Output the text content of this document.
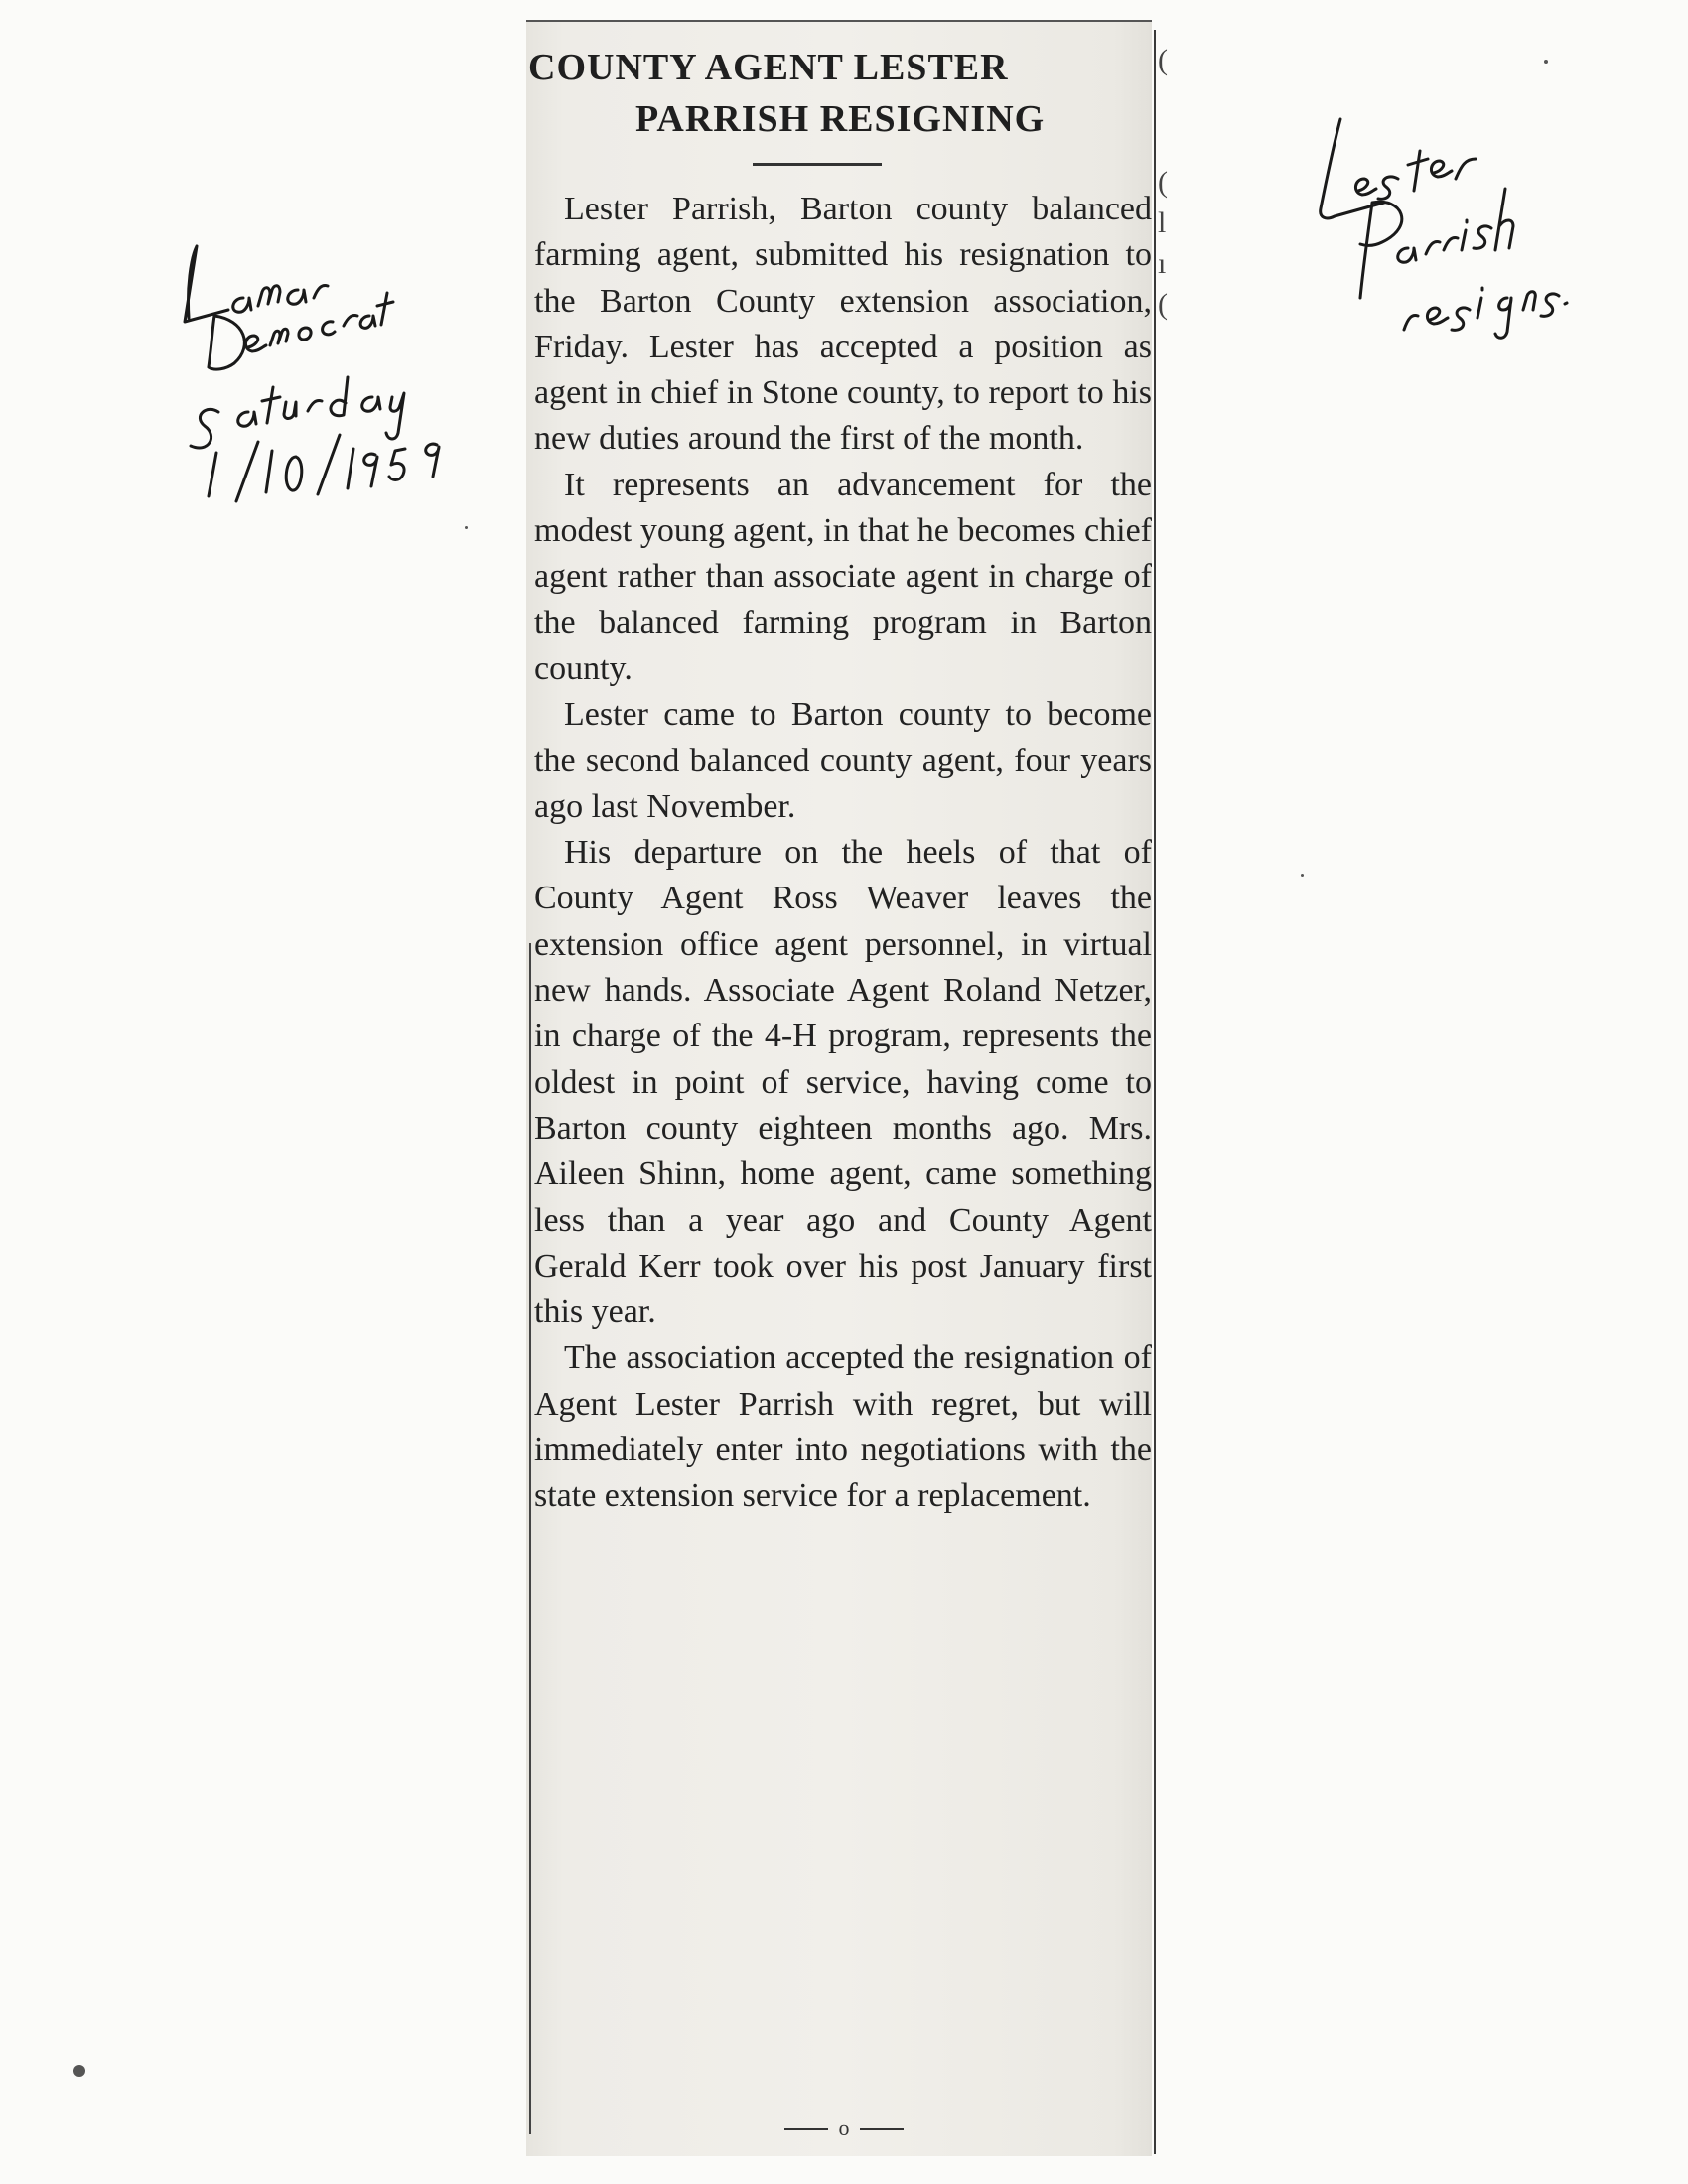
(
(
l
ı
(
COUNTY AGENT LESTER
PARRISH RESIGNING

Lester Parrish, Barton county balanced farming agent, submitted his resignation to the Barton County extension association, Friday. Lester has accepted a position as agent in chief in Stone county, to report to his new duties around the first of the month.

It represents an advancement for the modest young agent, in that he becomes chief agent rather than associate agent in charge of the balanced farming program in Barton county.

Lester came to Barton county to become the second balanced county agent, four years ago last November.

His departure on the heels of that of County Agent Ross Weaver leaves the extension office agent personnel, in virtual new hands. Associate Agent Roland Netzer, in charge of the 4-H program, represents the oldest in point of service, having come to Barton county eighteen months ago. Mrs. Aileen Shinn, home agent, came something less than a year ago and County Agent Gerald Kerr took over his post January first this year.

The association accepted the resignation of Agent Lester Parrish with regret, but will immediately enter into negotiations with the state extension service for a replacement.

o
